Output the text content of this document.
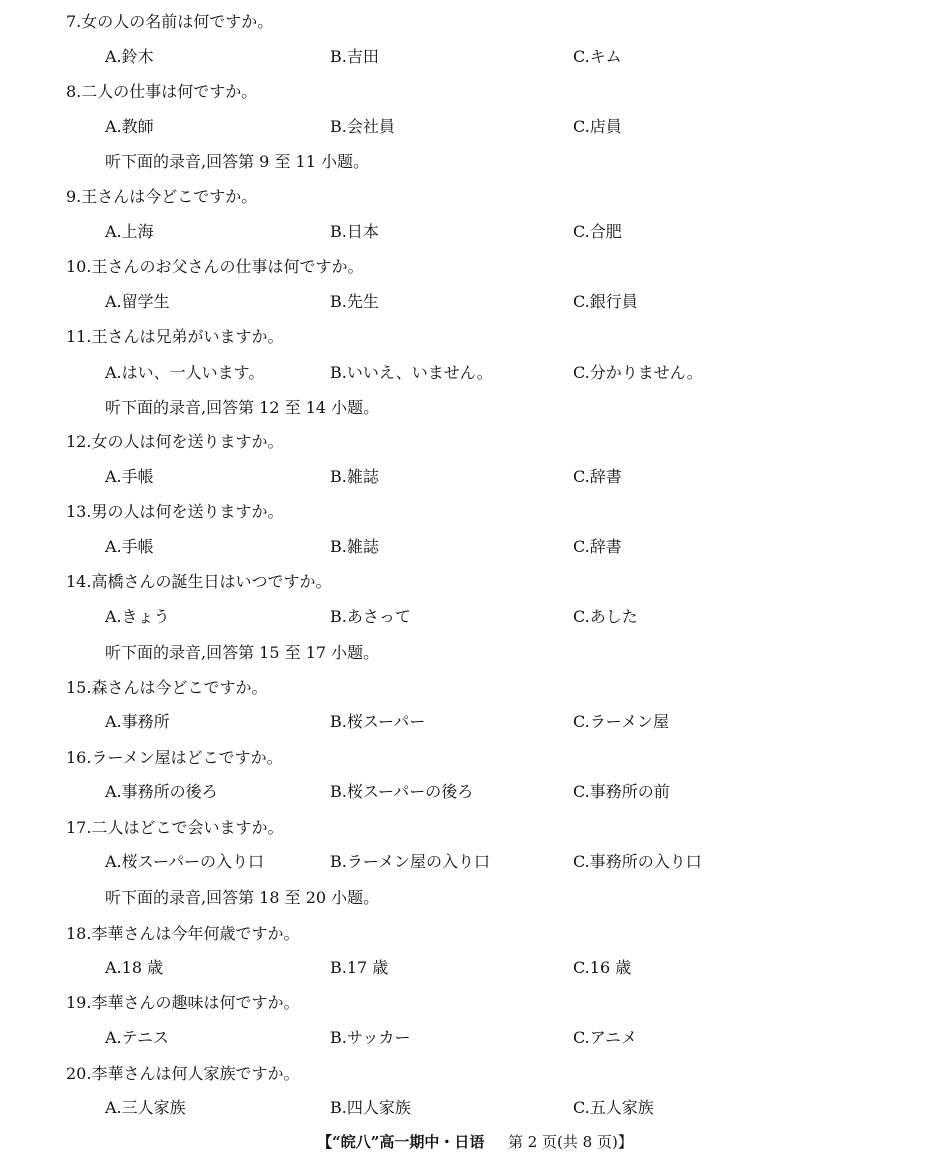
7.女の人の名前は何ですか。
A.鈴木	B.吉田	C.キム
8.二人の仕事は何ですか。
A.教師	B.会社員	C.店員
听下面的录音,回答第 9 至 11 小题。
9.王さんは今どこですか。
A.上海	B.日本	C.合肥
10.王さんのお父さんの仕事は何ですか。
A.留学生	B.先生	C.銀行員
11.王さんは兄弟がいますか。
A.はい、一人います。	B.いいえ、いません。	C.分かりません。
听下面的录音,回答第 12 至 14 小题。
12.女の人は何を送りますか。
A.手帳	B.雑誌	C.辞書
13.男の人は何を送りますか。
A.手帳	B.雑誌	C.辞書
14.高橋さんの誕生日はいつですか。
A.きょう	B.あさって	C.あした
听下面的录音,回答第 15 至 17 小题。
15.森さんは今どこですか。
A.事務所	B.桜スーパー	C.ラーメン屋
16.ラーメン屋はどこですか。
A.事務所の後ろ	B.桜スーパーの後ろ	C.事務所の前
17.二人はどこで会いますか。
A.桜スーパーの入り口	B.ラーメン屋の入り口	C.事務所の入り口
听下面的录音,回答第 18 至 20 小题。
18.李華さんは今年何歳ですか。
A.18 歳	B.17 歳	C.16 歳
19.李華さんの趣味は何ですか。
A.テニス	B.サッカー	C.アニメ
20.李華さんは何人家族ですか。
A.三人家族	B.四人家族	C.五人家族
【“皖八”高一期中・日语 第 2 页(共 8 页)】
